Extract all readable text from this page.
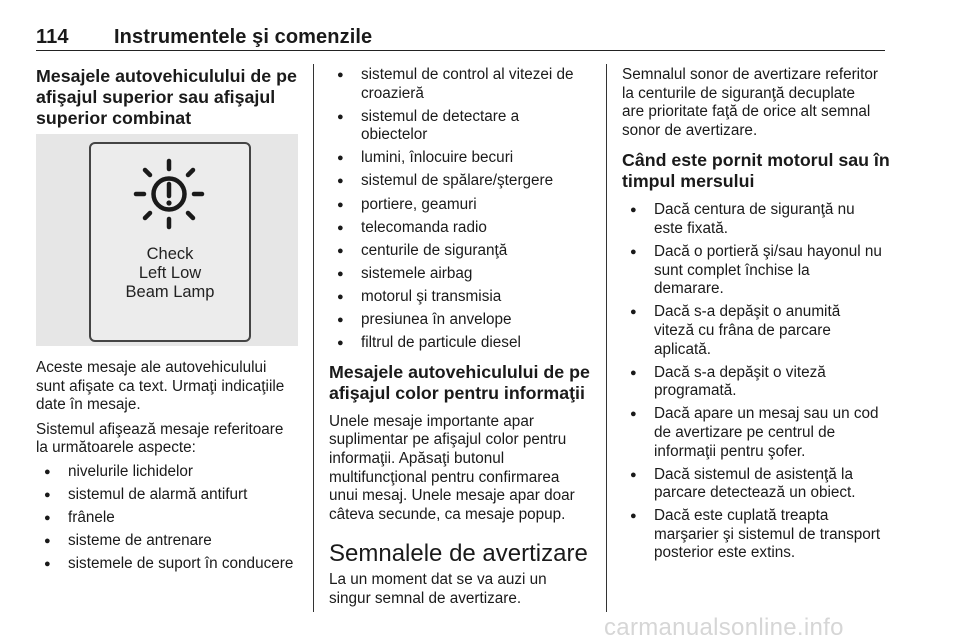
114 Instrumentele şi comenzile

Mesajele autovehiculului de pe
afişajul superior sau afişajul
superior combinat

Check
Left Low
Beam Lamp

Aceste mesaje ale autovehiculului
sunt afişate ca text. Urmaţi indicaţiile
date în mesaje.

Sistemul afişează mesaje referitoare
la următoarele aspecte:

● nivelurile lichidelor
● sistemul de alarmă antifurt
● frânele
● sisteme de antrenare
● sistemele de suport în conducere
● sistemul de control al vitezei de
croazieră
● sistemul de detectare a
obiectelor
● lumini, înlocuire becuri
● sistemul de spălare/ştergere
● portiere, geamuri
● telecomanda radio
● centurile de siguranţă
● sistemele airbag
● motorul şi transmisia
● presiunea în anvelope
● filtrul de particule diesel

Mesajele autovehiculului de pe
afişajul color pentru informaţii

Unele mesaje importante apar
suplimentar pe afişajul color pentru
informaţii. Apăsaţi butonul
multifuncţional pentru confirmarea
unui mesaj. Unele mesaje apar doar
câteva secunde, ca mesaje popup.

Semnalele de avertizare

La un moment dat se va auzi un
singur semnal de avertizare.

Semnalul sonor de avertizare referitor
la centurile de siguranţă decuplate
are prioritate faţă de orice alt semnal
sonor de avertizare.

Când este pornit motorul sau în
timpul mersului

● Dacă centura de siguranţă nu
este fixată.
● Dacă o portieră şi/sau hayonul nu
sunt complet închise la
demarare.
● Dacă s-a depăşit o anumită
viteză cu frâna de parcare
aplicată.
● Dacă s-a depăşit o viteză
programată.
● Dacă apare un mesaj sau un cod
de avertizare pe centrul de
informaţii pentru şofer.
● Dacă sistemul de asistenţă la
parcare detectează un obiect.
● Dacă este cuplată treapta
marşarier şi sistemul de transport
posterior este extins.
carmanualsonline.info
